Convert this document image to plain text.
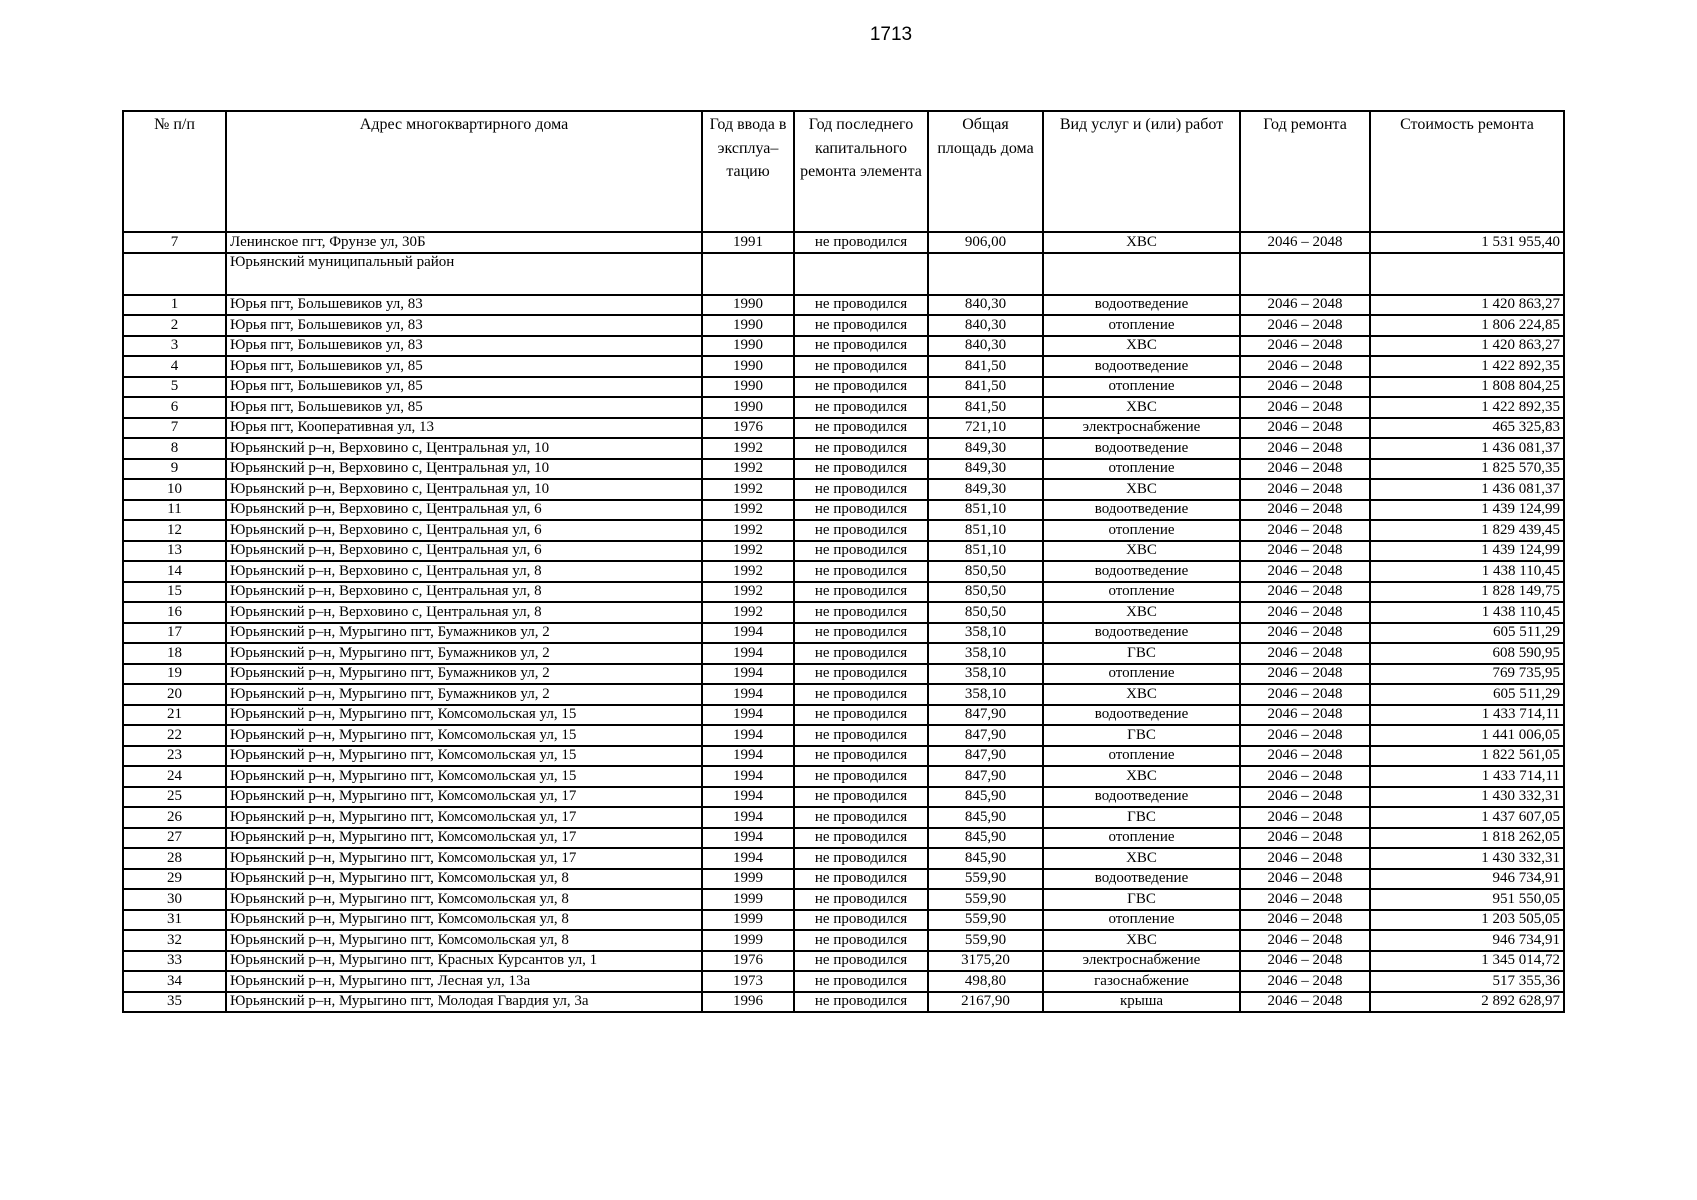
1713
№ п/п	Адрес многоквартирного дома	Год ввода в эксплуа– тацию	Год последнего капитального ремонта элемента	Общая площадь дома	Вид услуг и (или) работ	Год ремонта	Стоимость ремонта
7	Ленинское пгт, Фрунзе ул, 30Б	1991	не проводился	906,00	ХВС	2046 – 2048	1 531 955,40
	Юрьянский муниципальный район						
1	Юрья пгт, Большевиков ул, 83	1990	не проводился	840,30	водоотведение	2046 – 2048	1 420 863,27
2	Юрья пгт, Большевиков ул, 83	1990	не проводился	840,30	отопление	2046 – 2048	1 806 224,85
3	Юрья пгт, Большевиков ул, 83	1990	не проводился	840,30	ХВС	2046 – 2048	1 420 863,27
4	Юрья пгт, Большевиков ул, 85	1990	не проводился	841,50	водоотведение	2046 – 2048	1 422 892,35
5	Юрья пгт, Большевиков ул, 85	1990	не проводился	841,50	отопление	2046 – 2048	1 808 804,25
6	Юрья пгт, Большевиков ул, 85	1990	не проводился	841,50	ХВС	2046 – 2048	1 422 892,35
7	Юрья пгт, Кооперативная ул, 13	1976	не проводился	721,10	электроснабжение	2046 – 2048	465 325,83
8	Юрьянский р–н, Верховино с, Центральная ул, 10	1992	не проводился	849,30	водоотведение	2046 – 2048	1 436 081,37
9	Юрьянский р–н, Верховино с, Центральная ул, 10	1992	не проводился	849,30	отопление	2046 – 2048	1 825 570,35
10	Юрьянский р–н, Верховино с, Центральная ул, 10	1992	не проводился	849,30	ХВС	2046 – 2048	1 436 081,37
11	Юрьянский р–н, Верховино с, Центральная ул, 6	1992	не проводился	851,10	водоотведение	2046 – 2048	1 439 124,99
12	Юрьянский р–н, Верховино с, Центральная ул, 6	1992	не проводился	851,10	отопление	2046 – 2048	1 829 439,45
13	Юрьянский р–н, Верховино с, Центральная ул, 6	1992	не проводился	851,10	ХВС	2046 – 2048	1 439 124,99
14	Юрьянский р–н, Верховино с, Центральная ул, 8	1992	не проводился	850,50	водоотведение	2046 – 2048	1 438 110,45
15	Юрьянский р–н, Верховино с, Центральная ул, 8	1992	не проводился	850,50	отопление	2046 – 2048	1 828 149,75
16	Юрьянский р–н, Верховино с, Центральная ул, 8	1992	не проводился	850,50	ХВС	2046 – 2048	1 438 110,45
17	Юрьянский р–н, Мурыгино пгт, Бумажников ул, 2	1994	не проводился	358,10	водоотведение	2046 – 2048	605 511,29
18	Юрьянский р–н, Мурыгино пгт, Бумажников ул, 2	1994	не проводился	358,10	ГВС	2046 – 2048	608 590,95
19	Юрьянский р–н, Мурыгино пгт, Бумажников ул, 2	1994	не проводился	358,10	отопление	2046 – 2048	769 735,95
20	Юрьянский р–н, Мурыгино пгт, Бумажников ул, 2	1994	не проводился	358,10	ХВС	2046 – 2048	605 511,29
21	Юрьянский р–н, Мурыгино пгт, Комсомольская ул, 15	1994	не проводился	847,90	водоотведение	2046 – 2048	1 433 714,11
22	Юрьянский р–н, Мурыгино пгт, Комсомольская ул, 15	1994	не проводился	847,90	ГВС	2046 – 2048	1 441 006,05
23	Юрьянский р–н, Мурыгино пгт, Комсомольская ул, 15	1994	не проводился	847,90	отопление	2046 – 2048	1 822 561,05
24	Юрьянский р–н, Мурыгино пгт, Комсомольская ул, 15	1994	не проводился	847,90	ХВС	2046 – 2048	1 433 714,11
25	Юрьянский р–н, Мурыгино пгт, Комсомольская ул, 17	1994	не проводился	845,90	водоотведение	2046 – 2048	1 430 332,31
26	Юрьянский р–н, Мурыгино пгт, Комсомольская ул, 17	1994	не проводился	845,90	ГВС	2046 – 2048	1 437 607,05
27	Юрьянский р–н, Мурыгино пгт, Комсомольская ул, 17	1994	не проводился	845,90	отопление	2046 – 2048	1 818 262,05
28	Юрьянский р–н, Мурыгино пгт, Комсомольская ул, 17	1994	не проводился	845,90	ХВС	2046 – 2048	1 430 332,31
29	Юрьянский р–н, Мурыгино пгт, Комсомольская ул, 8	1999	не проводился	559,90	водоотведение	2046 – 2048	946 734,91
30	Юрьянский р–н, Мурыгино пгт, Комсомольская ул, 8	1999	не проводился	559,90	ГВС	2046 – 2048	951 550,05
31	Юрьянский р–н, Мурыгино пгт, Комсомольская ул, 8	1999	не проводился	559,90	отопление	2046 – 2048	1 203 505,05
32	Юрьянский р–н, Мурыгино пгт, Комсомольская ул, 8	1999	не проводился	559,90	ХВС	2046 – 2048	946 734,91
33	Юрьянский р–н, Мурыгино пгт, Красных Курсантов ул, 1	1976	не проводился	3175,20	электроснабжение	2046 – 2048	1 345 014,72
34	Юрьянский р–н, Мурыгино пгт, Лесная ул, 13а	1973	не проводился	498,80	газоснабжение	2046 – 2048	517 355,36
35	Юрьянский р–н, Мурыгино пгт, Молодая Гвардия ул, 3а	1996	не проводился	2167,90	крыша	2046 – 2048	2 892 628,97
